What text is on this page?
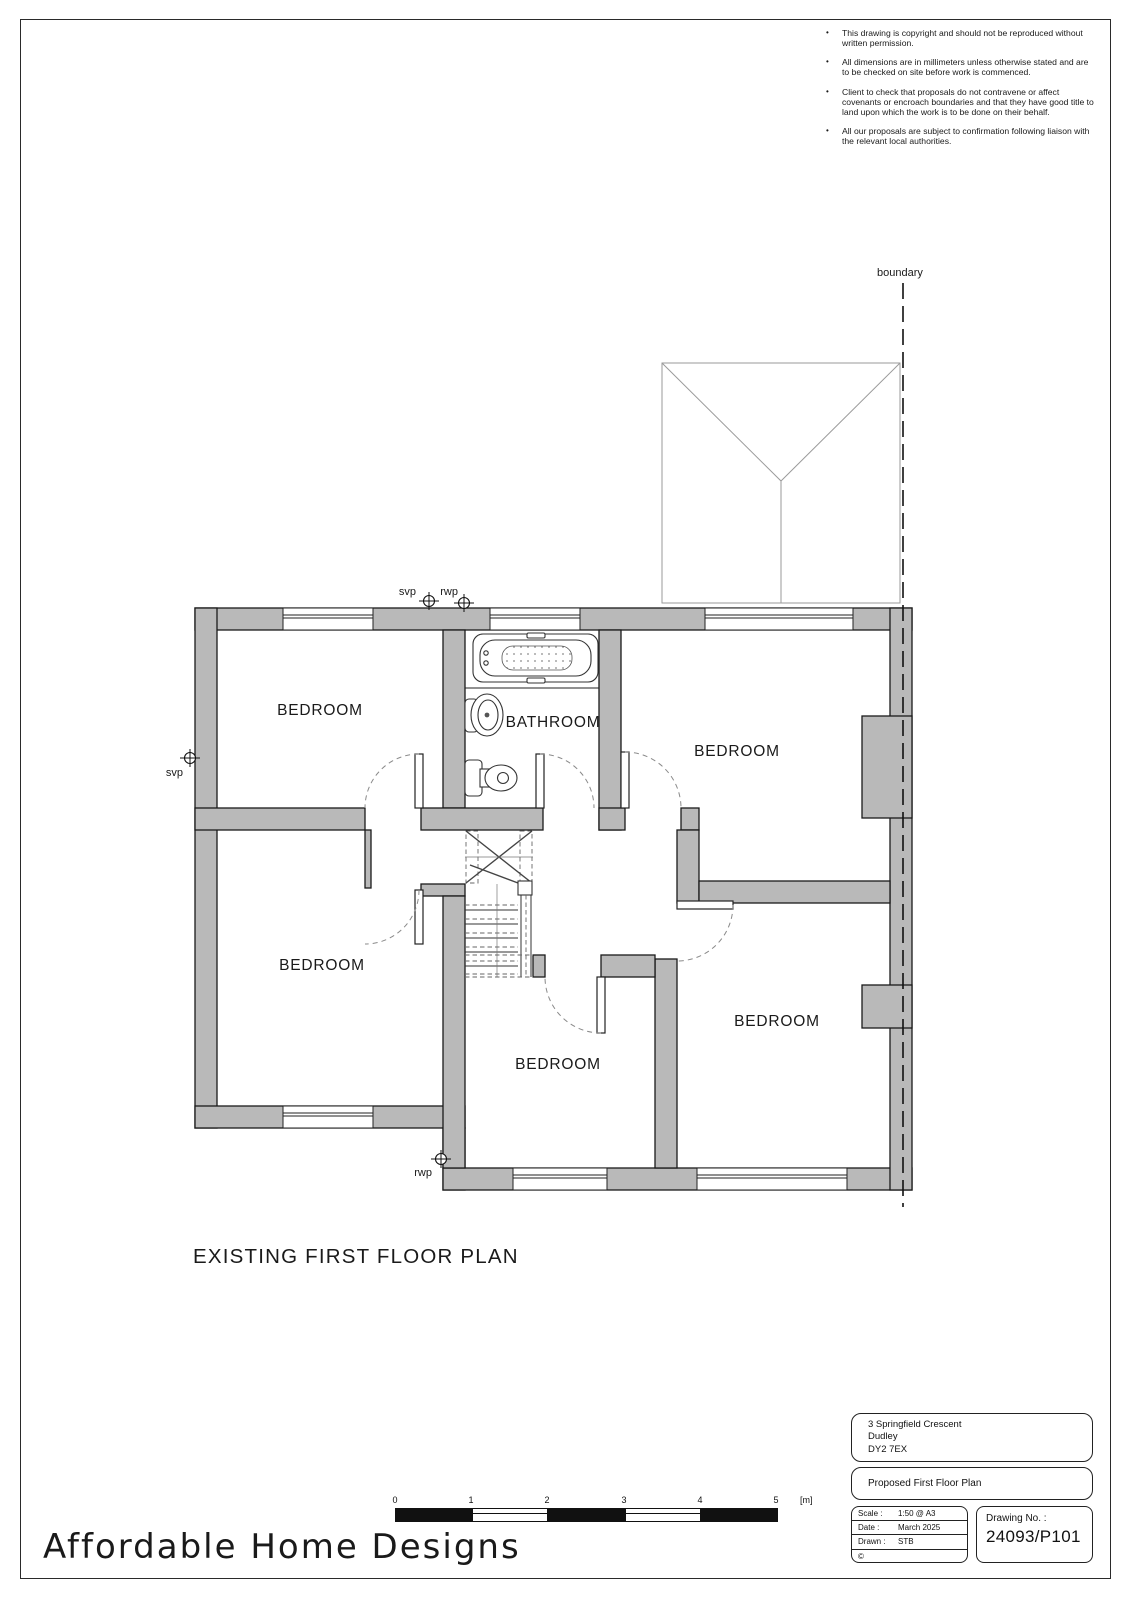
•	This drawing is copyright and should not be reproduced without written permission.
•	All dimensions are in millimeters unless otherwise stated and are to be checked on site before work is commenced.
•	Client to check that proposals do not contravene or affect covenants or encroach boundaries and that they have good title to land upon which the work is to be done on their behalf.
•	All our proposals are subject to confirmation following liaison with the relevant local authorities.
boundary
svp rwp
svp
rwp
BEDROOM
BATHROOM
BEDROOM
BEDROOM
BEDROOM
BEDROOM
EXISTING FIRST FLOOR PLAN
0	1	2	3	4	5	[m]
3 Springfield Crescent
Dudley
DY2 7EX
Proposed First Floor Plan
Scale :	1:50 @ A3
Date :	March 2025
Drawn :	STB
©
Drawing No. :
24093/P101
Affordable Home Designs
